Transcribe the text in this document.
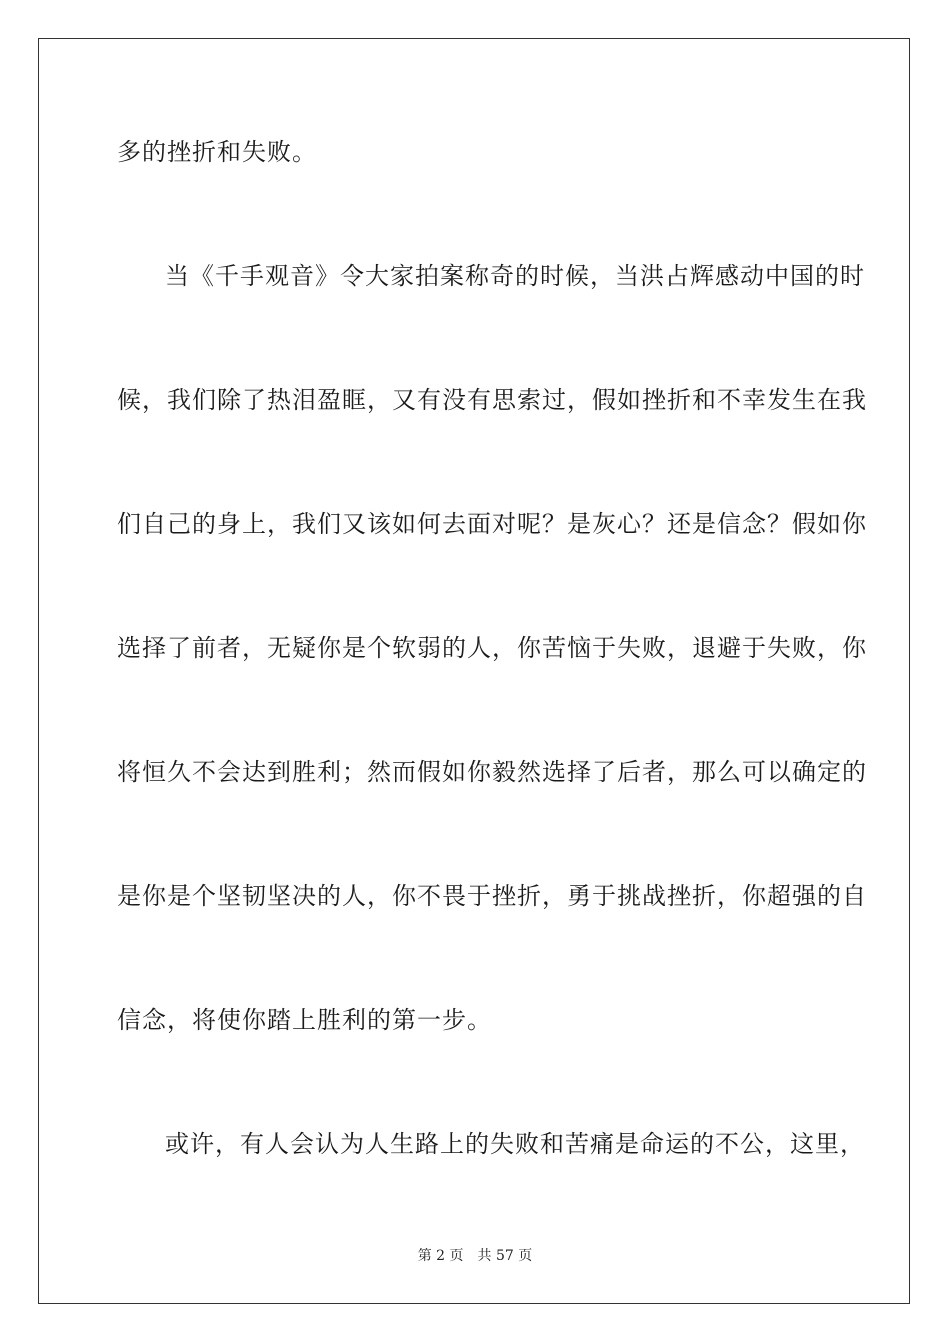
多的挫折和失败。
当《千手观音》令大家拍案称奇的时候，当洪占辉感动中国的时
候，我们除了热泪盈眶，又有没有思索过，假如挫折和不幸发生在我
们自己的身上，我们又该如何去面对呢？是灰心？还是信念？假如你
选择了前者，无疑你是个软弱的人，你苦恼于失败，退避于失败，你
将恒久不会达到胜利；然而假如你毅然选择了后者，那么可以确定的
是你是个坚韧坚决的人，你不畏于挫折，勇于挑战挫折，你超强的自
信念，将使你踏上胜利的第一步。
或许，有人会认为人生路上的失败和苦痛是命运的不公，这里，
第 2 页 共 57 页
